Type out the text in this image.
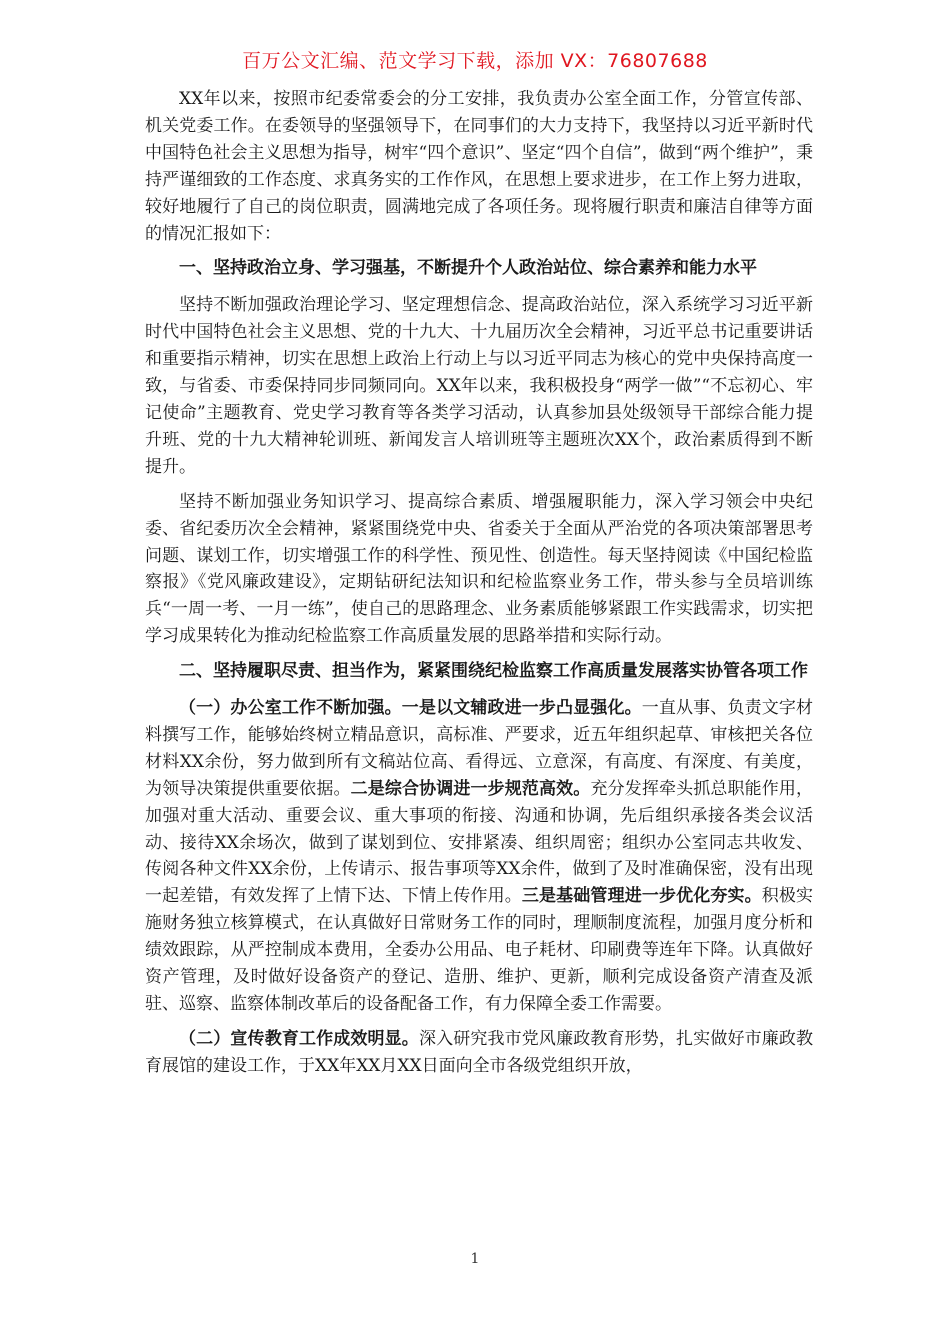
百万公文汇编、范文学习下载，添加 VX：76807688

XX年以来，按照市纪委常委会的分工安排，我负责办公室全面工作，分管宣传部、机关党委工作。在委领导的坚强领导下，在同事们的大力支持下，我坚持以习近平新时代中国特色社会主义思想为指导，树牢“四个意识”、坚定“四个自信”，做到“两个维护”，秉持严谨细致的工作态度、求真务实的工作作风，在思想上要求进步，在工作上努力进取，较好地履行了自己的岗位职责，圆满地完成了各项任务。现将履行职责和廉洁自律等方面的情况汇报如下：

一、坚持政治立身、学习强基，不断提升个人政治站位、综合素养和能力水平

坚持不断加强政治理论学习、坚定理想信念、提高政治站位，深入系统学习习近平新时代中国特色社会主义思想、党的十九大、十九届历次全会精神，习近平总书记重要讲话和重要指示精神，切实在思想上政治上行动上与以习近平同志为核心的党中央保持高度一致，与省委、市委保持同步同频同向。XX年以来，我积极投身“两学一做”“不忘初心、牢记使命”主题教育、党史学习教育等各类学习活动，认真参加县处级领导干部综合能力提升班、党的十九大精神轮训班、新闻发言人培训班等主题班次XX个，政治素质得到不断提升。

坚持不断加强业务知识学习、提高综合素质、增强履职能力，深入学习领会中央纪委、省纪委历次全会精神，紧紧围绕党中央、省委关于全面从严治党的各项决策部署思考问题、谋划工作，切实增强工作的科学性、预见性、创造性。每天坚持阅读《中国纪检监察报》《党风廉政建设》，定期钻研纪法知识和纪检监察业务工作，带头参与全员培训练兵“一周一考、一月一练”，使自己的思路理念、业务素质能够紧跟工作实践需求，切实把学习成果转化为推动纪检监察工作高质量发展的思路举措和实际行动。

二、坚持履职尽责、担当作为，紧紧围绕纪检监察工作高质量发展落实协管各项工作

（一）办公室工作不断加强。一是以文辅政进一步凸显强化。一直从事、负责文字材料撰写工作，能够始终树立精品意识，高标准、严要求，近五年组织起草、审核把关各位材料XX余份，努力做到所有文稿站位高、看得远、立意深，有高度、有深度、有美度，为领导决策提供重要依据。二是综合协调进一步规范高效。充分发挥牵头抓总职能作用，加强对重大活动、重要会议、重大事项的衔接、沟通和协调，先后组织承接各类会议活动、接待XX余场次，做到了谋划到位、安排紧凑、组织周密；组织办公室同志共收发、传阅各种文件XX余份，上传请示、报告事项等XX余件，做到了及时准确保密，没有出现一起差错，有效发挥了上情下达、下情上传作用。三是基础管理进一步优化夯实。积极实施财务独立核算模式，在认真做好日常财务工作的同时，理顺制度流程，加强月度分析和绩效跟踪，从严控制成本费用，全委办公用品、电子耗材、印刷费等连年下降。认真做好资产管理，及时做好设备资产的登记、造册、维护、更新，顺利完成设备资产清查及派驻、巡察、监察体制改革后的设备配备工作，有力保障全委工作需要。

（二）宣传教育工作成效明显。深入研究我市党风廉政教育形势，扎实做好市廉政教育展馆的建设工作，于XX年XX月XX日面向全市各级党组织开放，

1
